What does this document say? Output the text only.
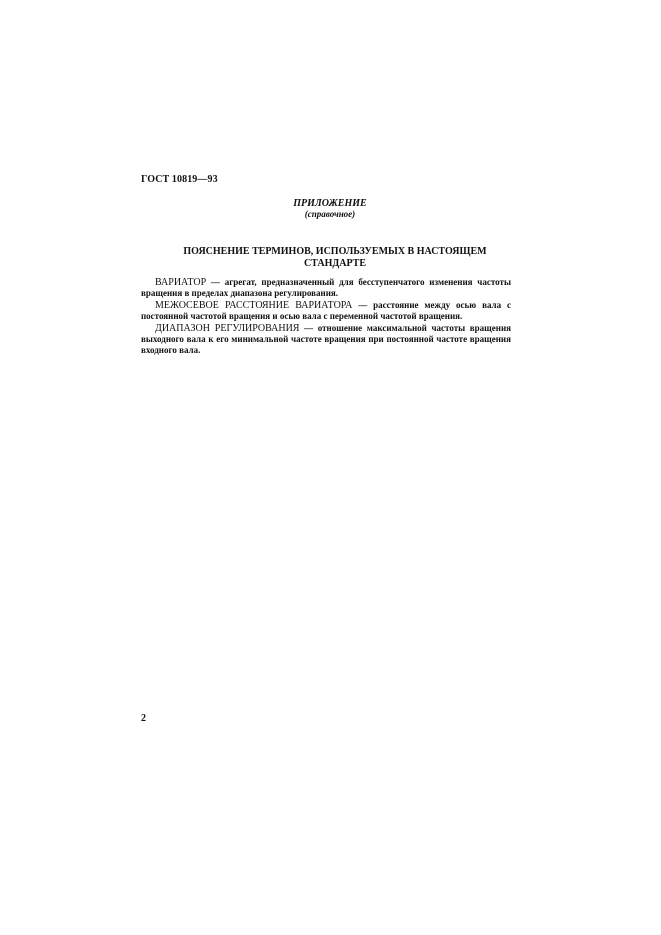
ГОСТ 10819—93
ПРИЛОЖЕНИЕ
(справочное)
ПОЯСНЕНИЕ ТЕРМИНОВ, ИСПОЛЬЗУЕМЫХ В НАСТОЯЩЕМ
СТАНДАРТЕ

ВАРИАТОР — агрегат, предназначенный для бесступенчатого изменения частоты вращения в пределах диапазона регулирования.

МЕЖОСЕВОЕ РАССТОЯНИЕ ВАРИАТОРА — расстояние между осью вала с постоянной частотой вращения и осью вала с переменной частотой вращения.

ДИАПАЗОН РЕГУЛИРОВАНИЯ — отношение максимальной частоты вращения выходного вала к его минимальной частоте вращения при постоянной частоте вращения входного вала.

2
